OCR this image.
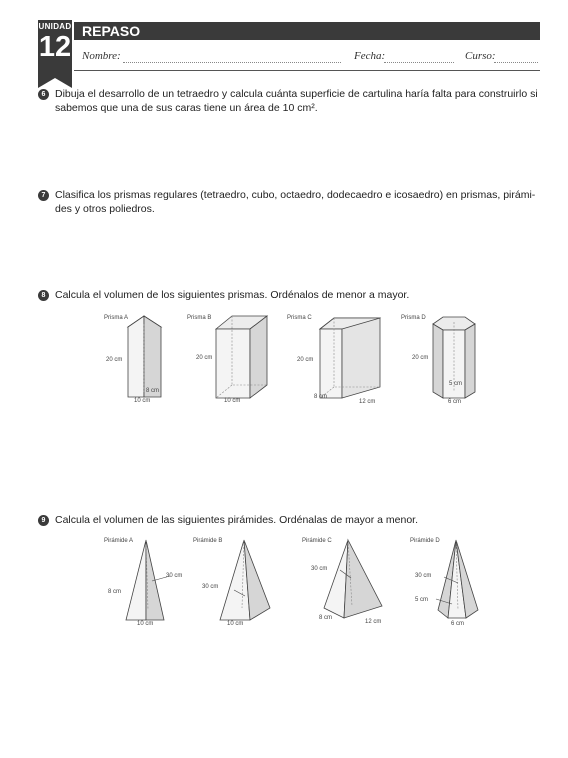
UNIDAD
12 REPASO
Nombre:	Fecha:	Curso:
6 Dibuja el desarrollo de un tetraedro y calcula cuánta superficie de cartulina haría falta para construirlo si
sabemos que una de sus caras tiene un área de 10 cm².
7 Clasifica los prismas regulares (tetraedro, cubo, octaedro, dodecaedro e icosaedro) en prismas, pirámi-
des y otros poliedros.
8 Calcula el volumen de los siguientes prismas. Ordénalos de menor a mayor.
Prisma A
20 cm
8 cm
10 cm
Prisma B
20 cm
10 cm
Prisma C
20 cm
8 cm
12 cm
Prisma D
20 cm
5 cm
6 cm
9 Calcula el volumen de las siguientes pirámides. Ordénalas de mayor a menor.
Pirámide A
30 cm
8 cm
10 cm
Pirámide B
30 cm
10 cm
Pirámide C
30 cm
8 cm
12 cm
Pirámide D
30 cm
5 cm
6 cm
